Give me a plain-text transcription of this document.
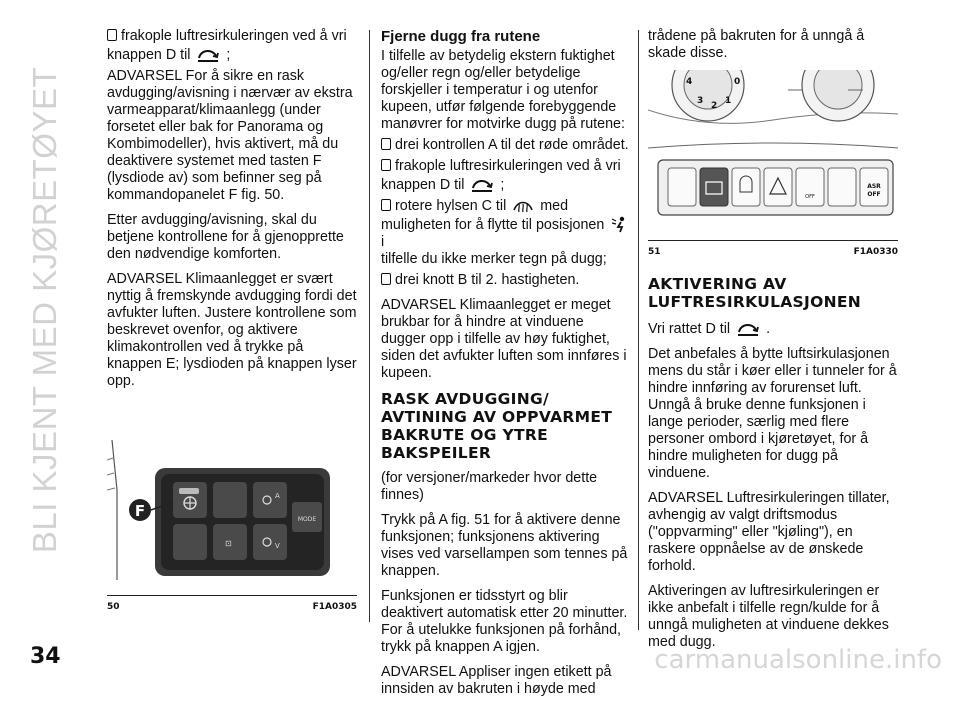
BLI KJENT MED KJØRETØYET

frakople luftresirkuleringen ved å vri
knappen D til	;

ADVARSEL For å sikre en rask avdugging/avisning i nærvær av ekstra varmeapparat/klimaanlegg (under forsetet eller bak for Panorama og Kombimodeller), hvis aktivert, må du deaktivere systemet med tasten F (lysdiode av) som befinner seg på kommandopanelet F fig. 50.

Etter avdugging/avisning, skal du betjene kontrollene for å gjenopprette den nødvendige komforten.

ADVARSEL Klimaanlegget er svært nyttig å fremskynde avdugging fordi det avfukter luften. Justere kontrollene som beskrevet ovenfor, og aktivere klimakontrollen ved å trykke på knappen E; lysdioden på knappen lyser opp.

MODE
A
⊡	V
F
50	F1A0305
Fjerne dugg fra rutene

I tilfelle av betydelig ekstern fuktighet og/eller regn og/eller betydelige forskjeller i temperatur i og utenfor kupeen, utfør følgende forebyggende manøvrer for motvirke dugg på rutene:

drei kontrollen A til det røde området.

frakople luftresirkuleringen ved å vri
knappen D til	;

rotere hylsen C til med
muligheten for å flytte til posisjonen  i
tilfelle du ikke merker tegn på dugg;

drei knott B til 2. hastigheten.

ADVARSEL Klimaanlegget er meget brukbar for å hindre at vinduene dugger opp i tilfelle av høy fuktighet, siden det avfukter luften som innføres i kupeen.

RASK AVDUGGING/ AVTINING AV OPPVARMET BAKRUTE OG YTRE BAKSPEILER

(for versjoner/markeder hvor dette finnes)

Trykk på A fig. 51 for å aktivere denne funksjonen; funksjonens aktivering vises ved varsellampen som tennes på knappen.

Funksjonen er tidsstyrt og blir deaktivert automatisk etter 20 minutter. For å utelukke funksjonen på forhånd, trykk på knappen A igjen.

ADVARSEL Appliser ingen etikett på innsiden av bakruten i høyde med

trådene på bakruten for å unngå å skade disse.

4
3 2 1
0
ASR
OFF
OFF
51	F1A0330
AKTIVERING AV LUFTRESIRKULASJONEN

Vri rattet D til	.

Det anbefales å bytte luftsirkulasjonen mens du står i køer eller i tunneler for å hindre innføring av forurenset luft. Unngå å bruke denne funksjonen i lange perioder, særlig med flere personer ombord i kjøretøyet, for å hindre muligheten for dugg på vinduene.

ADVARSEL Luftresirkuleringen tillater, avhengig av valgt driftsmodus ("oppvarming" eller "kjøling"), en raskere oppnåelse av de ønskede forhold.

Aktiveringen av luftresirkuleringen er ikke anbefalt i tilfelle regn/kulde for å unngå muligheten at vinduene dekkes med dugg.

34	carmanualsonline.info
